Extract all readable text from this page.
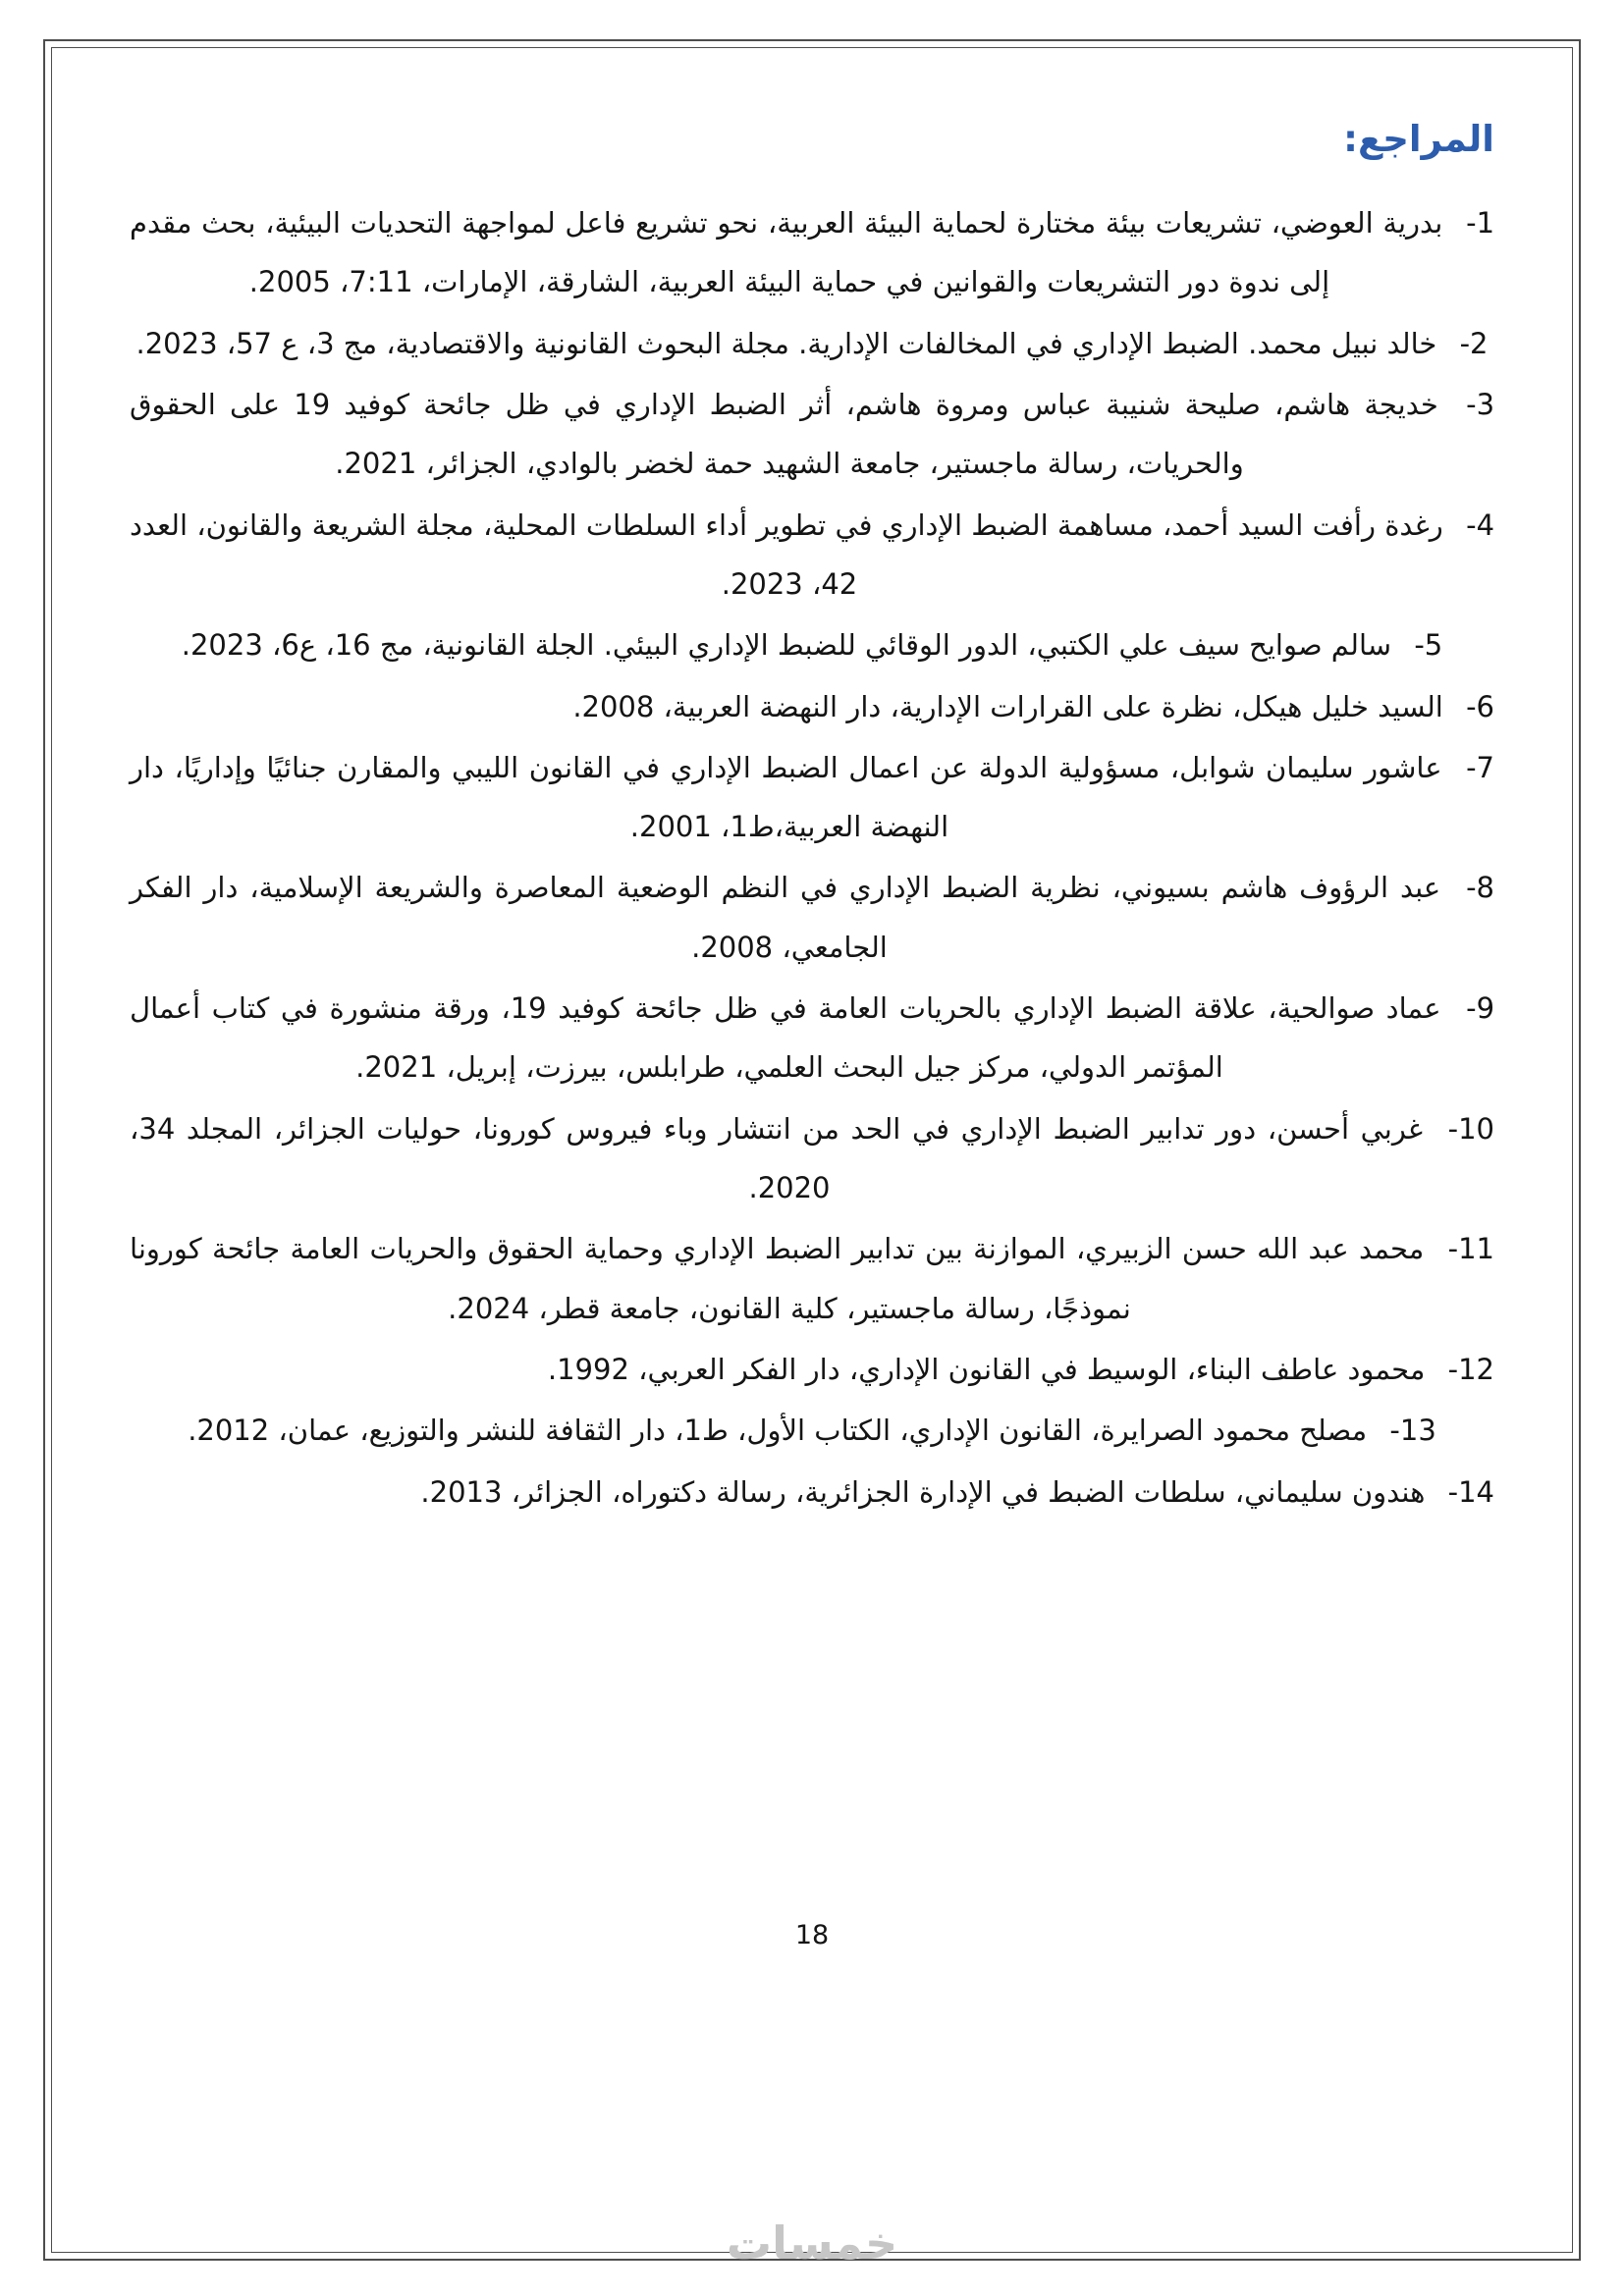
المراجع:
1- بدرية العوضي، تشريعات بيئة مختارة لحماية البيئة العربية، نحو تشريع فاعل لمواجهة التحديات البيئية، بحث مقدم إلى ندوة دور التشريعات والقوانين في حماية البيئة العربية، الشارقة، الإمارات، 7:11، 2005.
2- خالد نبيل محمد. الضبط الإداري في المخالفات الإدارية. مجلة البحوث القانونية والاقتصادية، مج 3، ع 57، 2023.
3- خديجة هاشم، صليحة شنيبة عباس ومروة هاشم، أثر الضبط الإداري في ظل جائحة كوفيد 19 على الحقوق والحريات، رسالة ماجستير، جامعة الشهيد حمة لخضر بالوادي، الجزائر، 2021.
4- رغدة رأفت السيد أحمد، مساهمة الضبط الإداري في تطوير أداء السلطات المحلية، مجلة الشريعة والقانون، العدد 42، 2023.
5- سالم صوايح سيف علي الكتبي، الدور الوقائي للضبط الإداري البيئي. الجلة القانونية، مج 16، ع6، 2023.
6- السيد خليل هيكل، نظرة على القرارات الإدارية، دار النهضة العربية، 2008.
7- عاشور سليمان شوابل، مسؤولية الدولة عن اعمال الضبط الإداري في القانون الليبي والمقارن جنائيًا وإداريًا، دار النهضة العربية،ط1، 2001.
8- عبد الرؤوف هاشم بسيوني، نظرية الضبط الإداري في النظم الوضعية المعاصرة والشريعة الإسلامية، دار الفكر الجامعي، 2008.
9- عماد صوالحية، علاقة الضبط الإداري بالحريات العامة في ظل جائحة كوفيد 19، ورقة منشورة في كتاب أعمال المؤتمر الدولي، مركز جيل البحث العلمي، طرابلس، بيرزت، إبريل، 2021.
10- غربي أحسن، دور تدابير الضبط الإداري في الحد من انتشار وباء فيروس كورونا، حوليات الجزائر، المجلد 34، 2020.
11- محمد عبد الله حسن الزبيري، الموازنة بين تدابير الضبط الإداري وحماية الحقوق والحريات العامة جائحة كورونا نموذجًا، رسالة ماجستير، كلية القانون، جامعة قطر، 2024.
12- محمود عاطف البناء، الوسيط في القانون الإداري، دار الفكر العربي، 1992.
13- مصلح محمود الصرايرة، القانون الإداري، الكتاب الأول، ط1، دار الثقافة للنشر والتوزيع، عمان، 2012.
14- هندون سليماني، سلطات الضبط في الإدارة الجزائرية، رسالة دكتوراه، الجزائر، 2013.
18
خمسات
